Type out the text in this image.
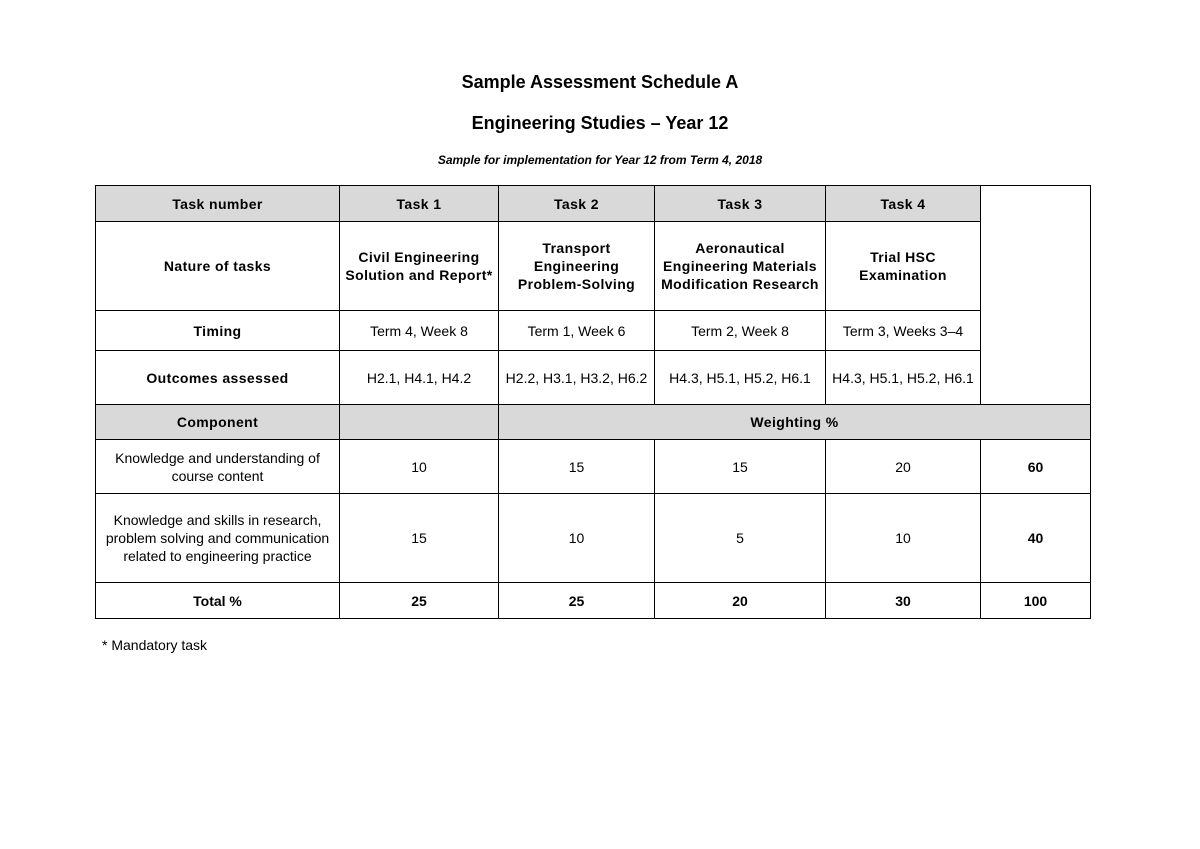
Sample Assessment Schedule A
Engineering Studies – Year 12
Sample for implementation for Year 12 from Term 4, 2018
Task number	Task 1	Task 2	Task 3	Task 4	
Nature of tasks	Civil Engineering Solution and Report*	Transport Engineering Problem-Solving	Aeronautical Engineering Materials Modification Research	Trial HSC Examination	
Timing	Term 4, Week 8	Term 1, Week 6	Term 2, Week 8	Term 3, Weeks 3–4	
Outcomes assessed	H2.1, H4.1, H4.2	H2.2, H3.1, H3.2, H6.2	H4.3, H5.1, H5.2, H6.1	H4.3, H5.1, H5.2, H6.1	
Component		Weighting %			
Knowledge and understanding of course content	10	15	15	20	60
Knowledge and skills in research, problem solving and communication related to engineering practice	15	10	5	10	40
Total %	25	25	20	30	100
* Mandatory task
